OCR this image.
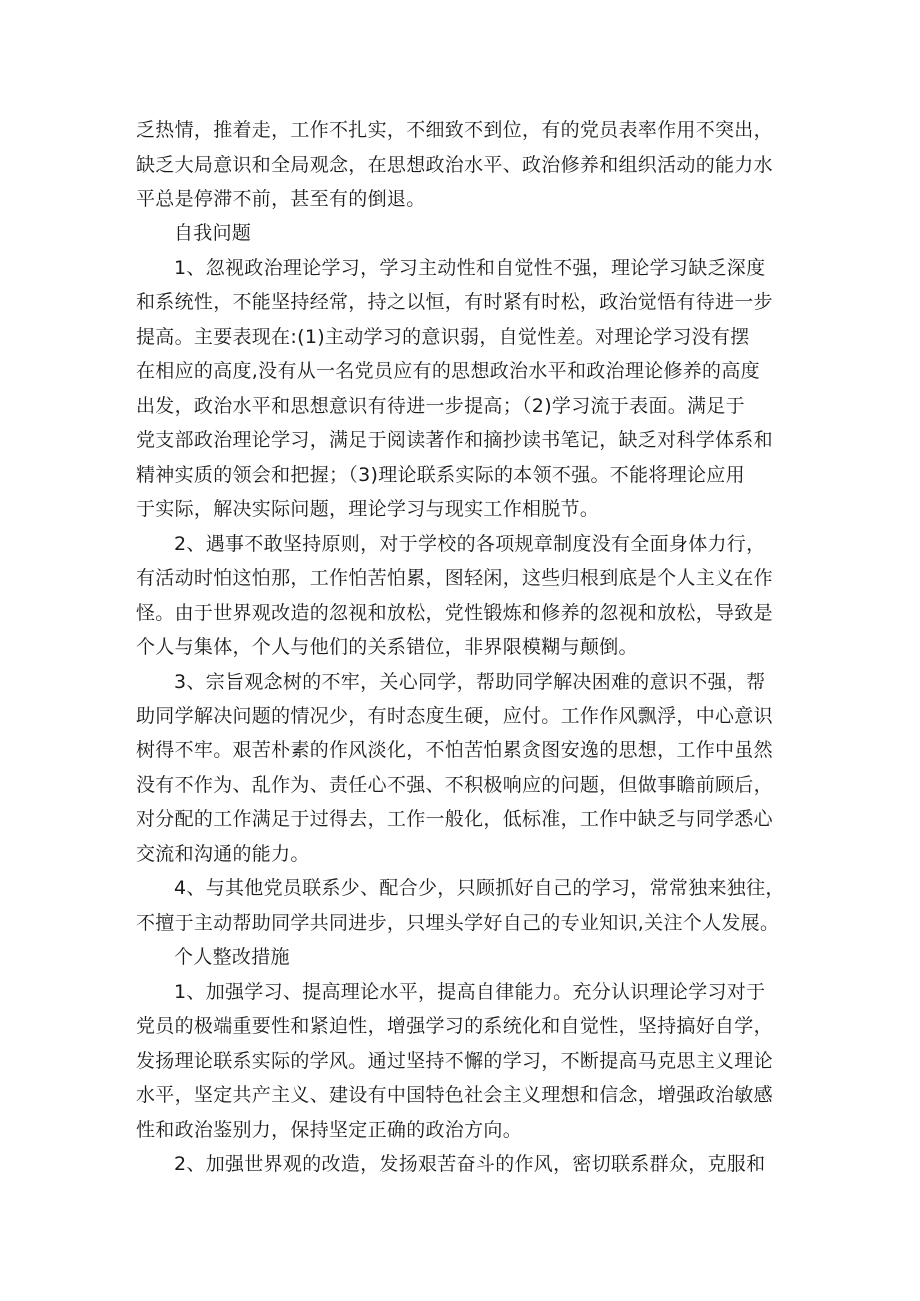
乏热情，推着走，工作不扎实，不细致不到位，有的党员表率作用不突出，
缺乏大局意识和全局观念，在思想政治水平、政治修养和组织活动的能力水
平总是停滞不前，甚至有的倒退。
自我问题
1、忽视政治理论学习，学习主动性和自觉性不强，理论学习缺乏深度
和系统性，不能坚持经常，持之以恒，有时紧有时松，政治觉悟有待进一步
提高。主要表现在:(1)主动学习的意识弱，自觉性差。对理论学习没有摆
在相应的高度,没有从一名党员应有的思想政治水平和政治理论修养的高度
出发，政治水平和思想意识有待进一步提高；（2)学习流于表面。满足于
党支部政治理论学习，满足于阅读著作和摘抄读书笔记，缺乏对科学体系和
精神实质的领会和把握；（3)理论联系实际的本领不强。不能将理论应用
于实际，解决实际问题，理论学习与现实工作相脱节。
2、遇事不敢坚持原则，对于学校的各项规章制度没有全面身体力行，
有活动时怕这怕那，工作怕苦怕累，图轻闲，这些归根到底是个人主义在作
怪。由于世界观改造的忽视和放松，党性锻炼和修养的忽视和放松，导致是
个人与集体，个人与他们的关系错位，非界限模糊与颠倒。
3、宗旨观念树的不牢，关心同学，帮助同学解决困难的意识不强，帮
助同学解决问题的情况少，有时态度生硬，应付。工作作风飘浮，中心意识
树得不牢。艰苦朴素的作风淡化，不怕苦怕累贪图安逸的思想，工作中虽然
没有不作为、乱作为、责任心不强、不积极响应的问题，但做事瞻前顾后，
对分配的工作满足于过得去，工作一般化，低标准，工作中缺乏与同学悉心
交流和沟通的能力。
4、与其他党员联系少、配合少，只顾抓好自己的学习，常常独来独往，
不擅于主动帮助同学共同进步，只埋头学好自己的专业知识,关注个人发展。
个人整改措施
1、加强学习、提高理论水平，提高自律能力。充分认识理论学习对于
党员的极端重要性和紧迫性，增强学习的系统化和自觉性，坚持搞好自学，
发扬理论联系实际的学风。通过坚持不懈的学习，不断提高马克思主义理论
水平，坚定共产主义、建设有中国特色社会主义理想和信念，增强政治敏感
性和政治鉴别力，保持坚定正确的政治方向。
2、加强世界观的改造，发扬艰苦奋斗的作风，密切联系群众，克服和
